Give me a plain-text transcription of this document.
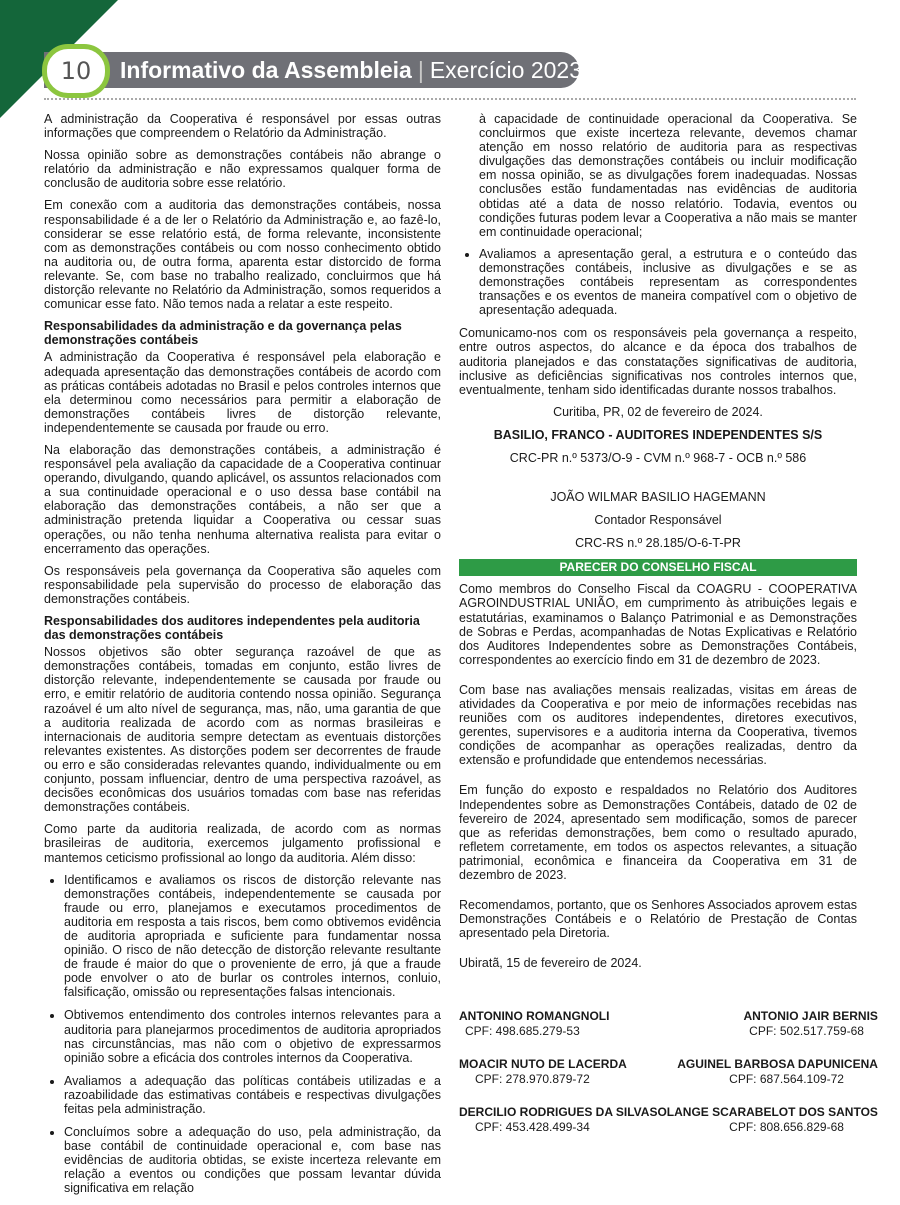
10	Informativo da Assembleia | Exercício 2023

A administração da Cooperativa é responsável por essas outras informações que compreendem o Relatório da Administração.

Nossa opinião sobre as demonstrações contábeis não abrange o relatório da administração e não expressamos qualquer forma de conclusão de auditoria sobre esse relatório.

Em conexão com a auditoria das demonstrações contábeis, nossa responsabilidade é a de ler o Relatório da Administração e, ao fazê-lo, considerar se esse relatório está, de forma relevante, inconsistente com as demonstrações contábeis ou com nosso conhecimento obtido na auditoria ou, de outra forma, aparenta estar distorcido de forma relevante. Se, com base no trabalho realizado, concluirmos que há distorção relevante no Relatório da Administração, somos requeridos a comunicar esse fato. Não temos nada a relatar a este respeito.

Responsabilidades da administração e da governança pelas demonstrações contábeis

A administração da Cooperativa é responsável pela elaboração e adequada apresentação das demonstrações contábeis de acordo com as práticas contábeis adotadas no Brasil e pelos controles internos que ela determinou como necessários para permitir a elaboração de demonstrações contábeis livres de distorção relevante, independentemente se causada por fraude ou erro.

Na elaboração das demonstrações contábeis, a administração é responsável pela avaliação da capacidade de a Cooperativa continuar operando, divulgando, quando aplicável, os assuntos relacionados com a sua continuidade operacional e o uso dessa base contábil na elaboração das demonstrações contábeis, a não ser que a administração pretenda liquidar a Cooperativa ou cessar suas operações, ou não tenha nenhuma alternativa realista para evitar o encerramento das operações.

Os responsáveis pela governança da Cooperativa são aqueles com responsabilidade pela supervisão do processo de elaboração das demonstrações contábeis.

Responsabilidades dos auditores independentes pela auditoria das demonstrações contábeis

Nossos objetivos são obter segurança razoável de que as demonstrações contábeis, tomadas em conjunto, estão livres de distorção relevante, independentemente se causada por fraude ou erro, e emitir relatório de auditoria contendo nossa opinião. Segurança razoável é um alto nível de segurança, mas, não, uma garantia de que a auditoria realizada de acordo com as normas brasileiras e internacionais de auditoria sempre detectam as eventuais distorções relevantes existentes. As distorções podem ser decorrentes de fraude ou erro e são consideradas relevantes quando, individualmente ou em conjunto, possam influenciar, dentro de uma perspectiva razoável, as decisões econômicas dos usuários tomadas com base nas referidas demonstrações contábeis.

Como parte da auditoria realizada, de acordo com as normas brasileiras de auditoria, exercemos julgamento profissional e mantemos ceticismo profissional ao longo da auditoria. Além disso:

• Identificamos e avaliamos os riscos de distorção relevante nas demonstrações contábeis, independentemente se causada por fraude ou erro, planejamos e executamos procedimentos de auditoria em resposta a tais riscos, bem como obtivemos evidência de auditoria apropriada e suficiente para fundamentar nossa opinião. O risco de não detecção de distorção relevante resultante de fraude é maior do que o proveniente de erro, já que a fraude pode envolver o ato de burlar os controles internos, conluio, falsificação, omissão ou representações falsas intencionais.
• Obtivemos entendimento dos controles internos relevantes para a auditoria para planejarmos procedimentos de auditoria apropriados nas circunstâncias, mas não com o objetivo de expressarmos opinião sobre a eficácia dos controles internos da Cooperativa.
• Avaliamos a adequação das políticas contábeis utilizadas e a razoabilidade das estimativas contábeis e respectivas divulgações feitas pela administração.
• Concluímos sobre a adequação do uso, pela administração, da base contábil de continuidade operacional e, com base nas evidências de auditoria obtidas, se existe incerteza relevante em relação a eventos ou condições que possam levantar dúvida significativa em relação

à capacidade de continuidade operacional da Cooperativa. Se concluirmos que existe incerteza relevante, devemos chamar atenção em nosso relatório de auditoria para as respectivas divulgações das demonstrações contábeis ou incluir modificação em nossa opinião, se as divulgações forem inadequadas. Nossas conclusões estão fundamentadas nas evidências de auditoria obtidas até a data de nosso relatório. Todavia, eventos ou condições futuras podem levar a Cooperativa a não mais se manter em continuidade operacional;

• Avaliamos a apresentação geral, a estrutura e o conteúdo das demonstrações contábeis, inclusive as divulgações e se as demonstrações contábeis representam as correspondentes transações e os eventos de maneira compatível com o objetivo de apresentação adequada.

Comunicamo-nos com os responsáveis pela governança a respeito, entre outros aspectos, do alcance e da época dos trabalhos de auditoria planejados e das constatações significativas de auditoria, inclusive as deficiências significativas nos controles internos que, eventualmente, tenham sido identificadas durante nossos trabalhos.

Curitiba, PR, 02 de fevereiro de 2024.

BASILIO, FRANCO - AUDITORES INDEPENDENTES S/S

CRC-PR n.º 5373/O-9 - CVM n.º 968-7 - OCB n.º 586

JOÃO WILMAR BASILIO HAGEMANN

Contador Responsável

CRC-RS n.º 28.185/O-6-T-PR

PARECER DO CONSELHO FISCAL

Como membros do Conselho Fiscal da COAGRU - COOPERATIVA AGROINDUSTRIAL UNIÃO, em cumprimento às atribuições legais e estatutárias, examinamos o Balanço Patrimonial e as Demonstrações de Sobras e Perdas, acompanhadas de Notas Explicativas e Relatório dos Auditores Independentes sobre as Demonstrações Contábeis, correspondentes ao exercício findo em 31 de dezembro de 2023.

Com base nas avaliações mensais realizadas, visitas em áreas de atividades da Cooperativa e por meio de informações recebidas nas reuniões com os auditores independentes, diretores executivos, gerentes, supervisores e a auditoria interna da Cooperativa, tivemos condições de acompanhar as operações realizadas, dentro da extensão e profundidade que entendemos necessárias.

Em função do exposto e respaldados no Relatório dos Auditores Independentes sobre as Demonstrações Contábeis, datado de 02 de fevereiro de 2024, apresentado sem modificação, somos de parecer que as referidas demonstrações, bem como o resultado apurado, refletem corretamente, em todos os aspectos relevantes, a situação patrimonial, econômica e financeira da Cooperativa em 31 de dezembro de 2023.

Recomendamos, portanto, que os Senhores Associados aprovem estas Demonstrações Contábeis e o Relatório de Prestação de Contas apresentado pela Diretoria.

Ubiratã, 15 de fevereiro de 2024.

ANTONINO ROMANGNOLI
CPF: 498.685.279-53
ANTONIO JAIR BERNIS
CPF: 502.517.759-68
MOACIR NUTO DE LACERDA
CPF: 278.970.879-72
AGUINEL BARBOSA DAPUNICENA
CPF: 687.564.109-72
DERCILIO RODRIGUES DA SILVA
CPF: 453.428.499-34
SOLANGE SCARABELOT DOS SANTOS
CPF: 808.656.829-68
